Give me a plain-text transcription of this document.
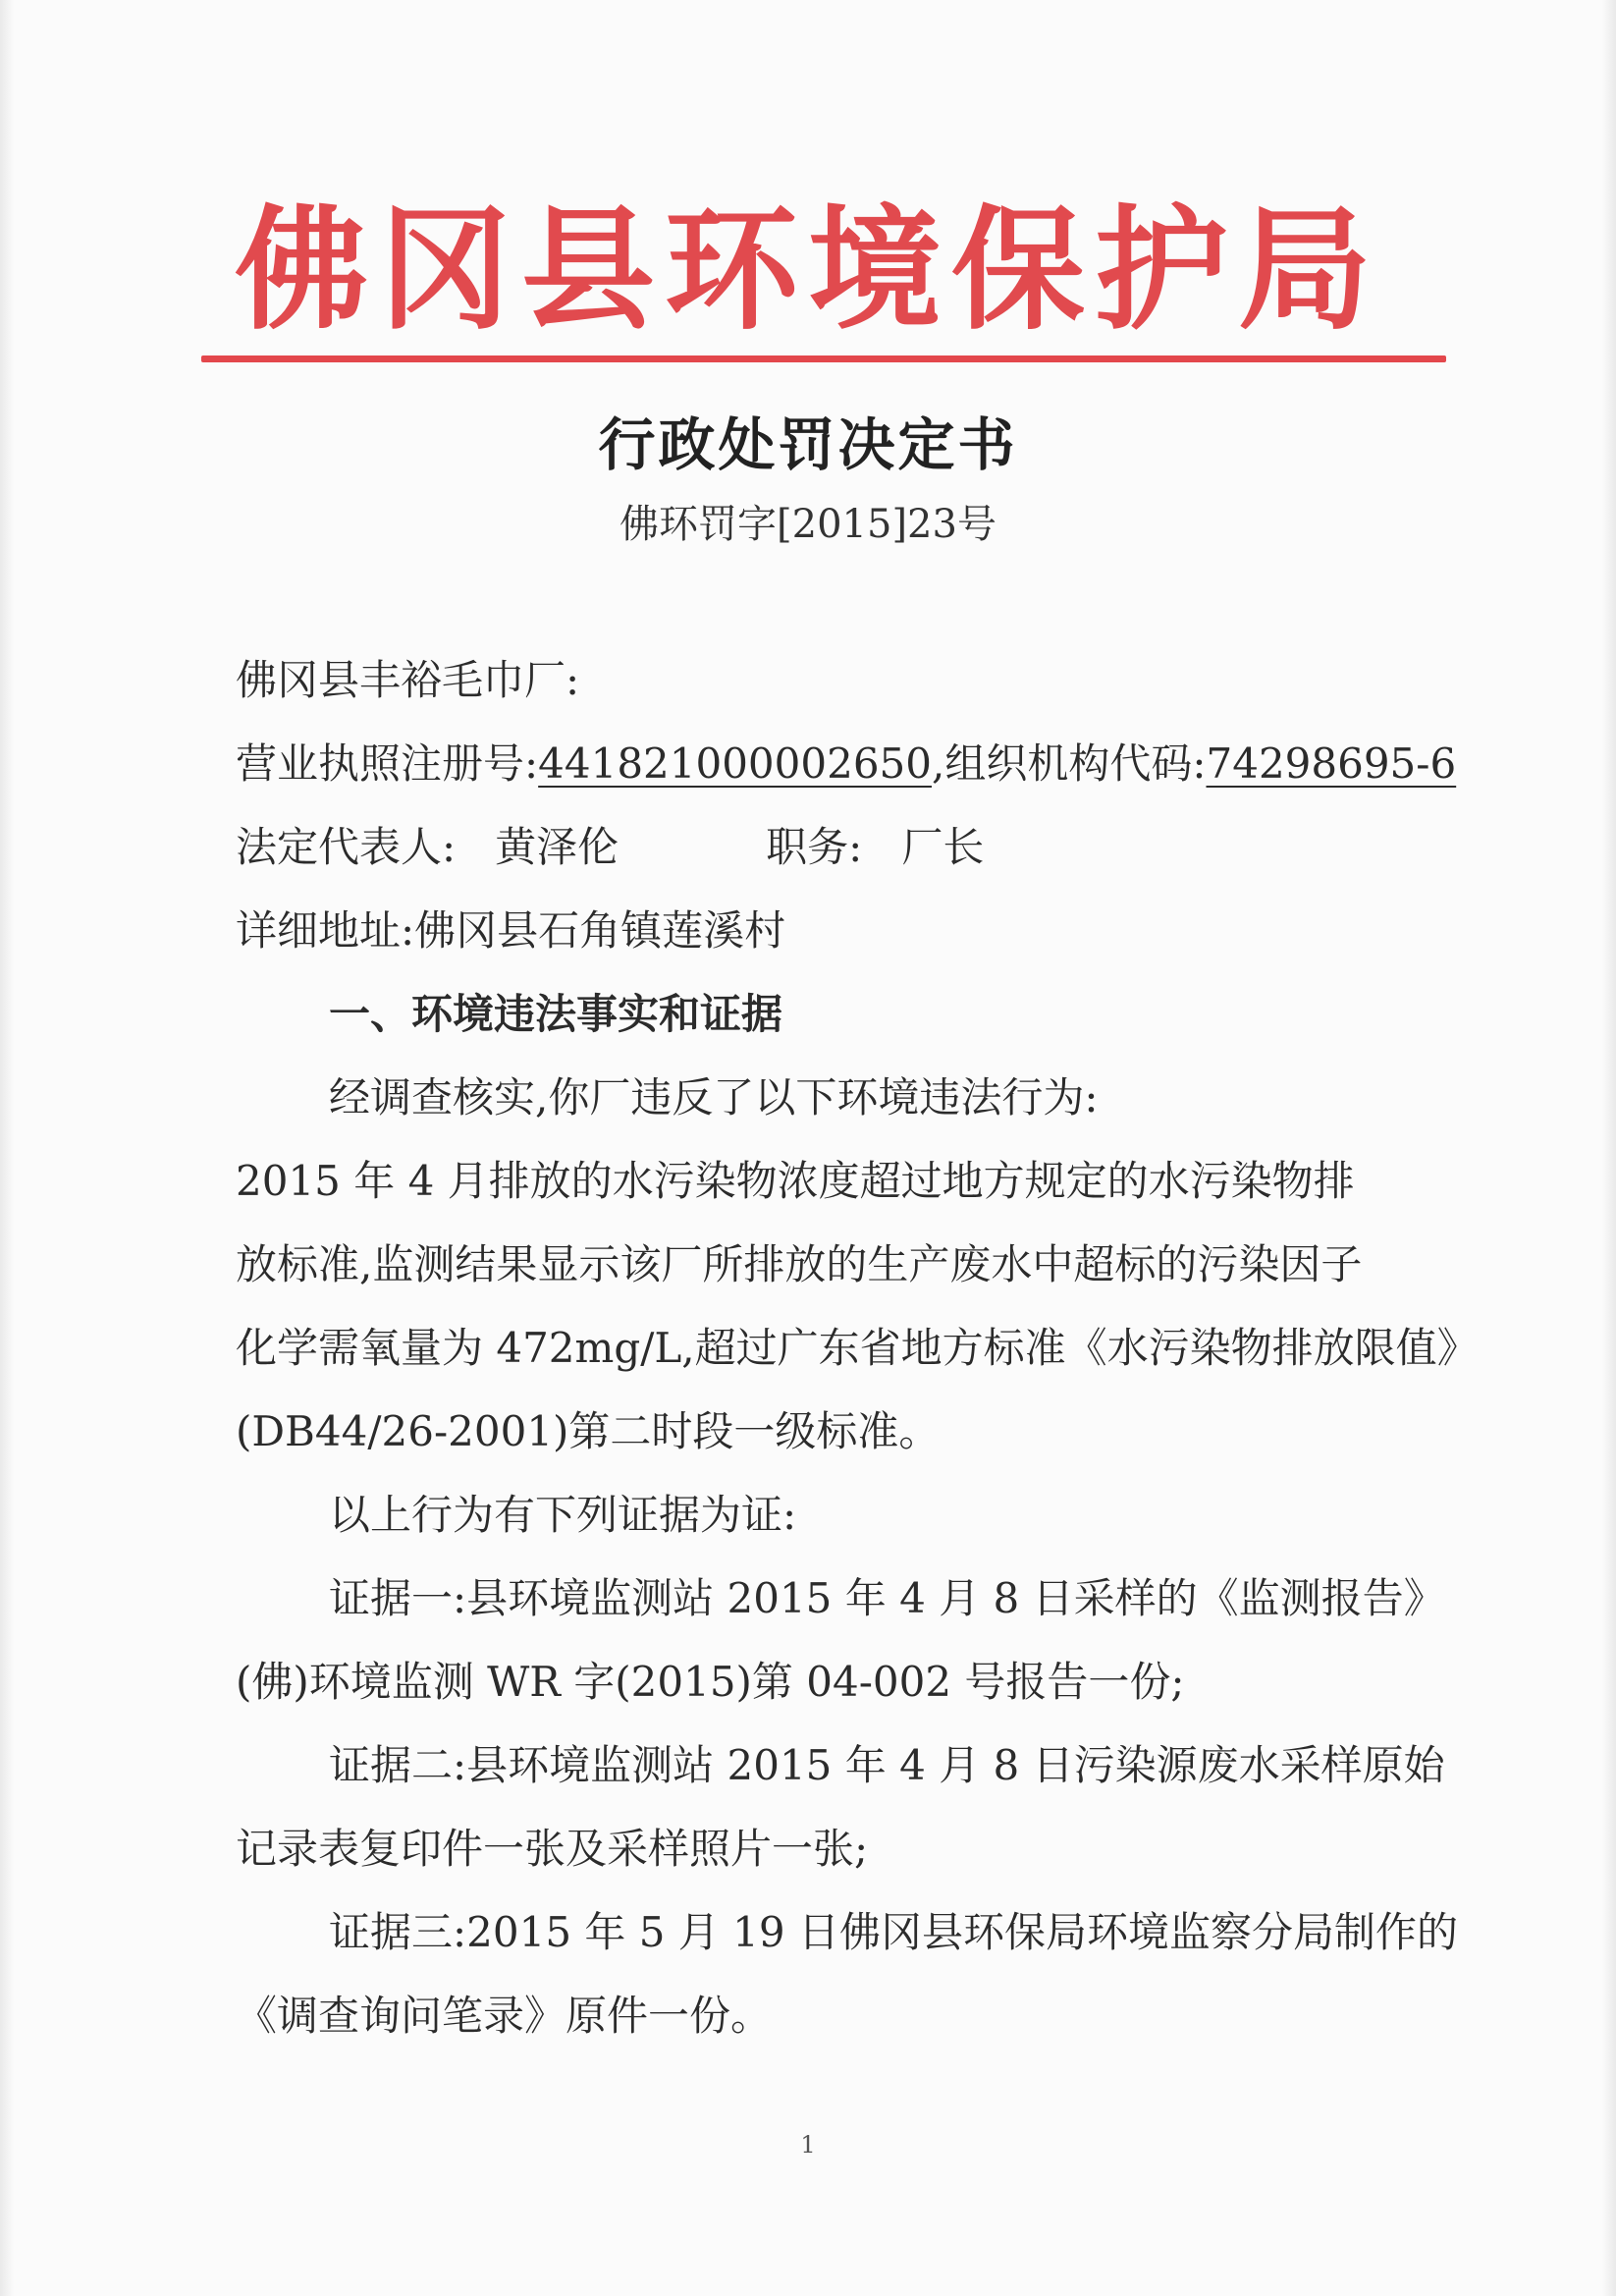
佛冈县环境保护局
行政处罚决定书
佛环罚字[2015]23号
佛冈县丰裕毛巾厂:
营业执照注册号:441821000002650,组织机构代码:74298695-6
法定代表人: 黄泽伦	职务: 厂长
详细地址:佛冈县石角镇莲溪村
一、环境违法事实和证据
经调查核实,你厂违反了以下环境违法行为:
2015 年 4 月排放的水污染物浓度超过地方规定的水污染物排
放标准,监测结果显示该厂所排放的生产废水中超标的污染因子
化学需氧量为 472mg/L,超过广东省地方标准《水污染物排放限值》
(DB44/26-2001)第二时段一级标准。
以上行为有下列证据为证:
证据一:县环境监测站 2015 年 4 月 8 日采样的《监测报告》
(佛)环境监测 WR 字(2015)第 04-002 号报告一份;
证据二:县环境监测站 2015 年 4 月 8 日污染源废水采样原始
记录表复印件一张及采样照片一张;
证据三:2015 年 5 月 19 日佛冈县环保局环境监察分局制作的
《调查询问笔录》原件一份。
1
